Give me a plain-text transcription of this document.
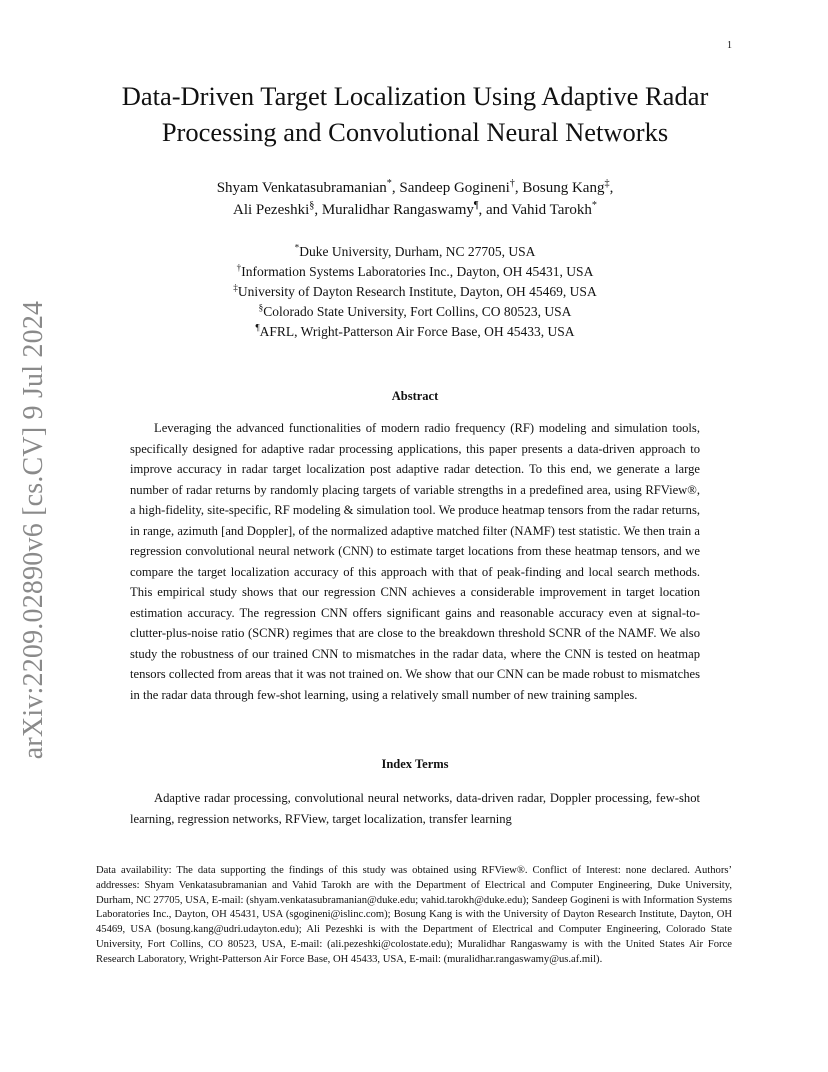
1
arXiv:2209.02890v6 [cs.CV] 9 Jul 2024
Data-Driven Target Localization Using Adaptive Radar Processing and Convolutional Neural Networks
Shyam Venkatasubramanian*, Sandeep Gogineni†, Bosung Kang‡,
Ali Pezeshki§, Muralidhar Rangaswamy¶, and Vahid Tarokh*
*Duke University, Durham, NC 27705, USA
†Information Systems Laboratories Inc., Dayton, OH 45431, USA
‡University of Dayton Research Institute, Dayton, OH 45469, USA
§Colorado State University, Fort Collins, CO 80523, USA
¶AFRL, Wright-Patterson Air Force Base, OH 45433, USA
Abstract

Leveraging the advanced functionalities of modern radio frequency (RF) modeling and simulation tools, specifically designed for adaptive radar processing applications, this paper presents a data-driven approach to improve accuracy in radar target localization post adaptive radar detection. To this end, we generate a large number of radar returns by randomly placing targets of variable strengths in a predefined area, using RFView®, a high-fidelity, site-specific, RF modeling & simulation tool. We produce heatmap tensors from the radar returns, in range, azimuth [and Doppler], of the normalized adaptive matched filter (NAMF) test statistic. We then train a regression convolutional neural network (CNN) to estimate target locations from these heatmap tensors, and we compare the target localization accuracy of this approach with that of peak-finding and local search methods. This empirical study shows that our regression CNN achieves a considerable improvement in target location estimation accuracy. The regression CNN offers significant gains and reasonable accuracy even at signal-to-clutter-plus-noise ratio (SCNR) regimes that are close to the breakdown threshold SCNR of the NAMF. We also study the robustness of our trained CNN to mismatches in the radar data, where the CNN is tested on heatmap tensors collected from areas that it was not trained on. We show that our CNN can be made robust to mismatches in the radar data through few-shot learning, using a relatively small number of new training samples.

Index Terms

Adaptive radar processing, convolutional neural networks, data-driven radar, Doppler processing, few-shot learning, regression networks, RFView, target localization, transfer learning

Data availability: The data supporting the findings of this study was obtained using RFView®. Conflict of Interest: none declared. Authors’ addresses: Shyam Venkatasubramanian and Vahid Tarokh are with the Department of Electrical and Computer Engineering, Duke University, Durham, NC 27705, USA, E-mail: (shyam.venkatasubramanian@duke.edu; vahid.tarokh@duke.edu); Sandeep Gogineni is with Information Systems Laboratories Inc., Dayton, OH 45431, USA (sgogineni@islinc.com); Bosung Kang is with the University of Dayton Research Institute, Dayton, OH 45469, USA (bosung.kang@udri.udayton.edu); Ali Pezeshki is with the Department of Electrical and Computer Engineering, Colorado State University, Fort Collins, CO 80523, USA, E-mail: (ali.pezeshki@colostate.edu); Muralidhar Rangaswamy is with the United States Air Force Research Laboratory, Wright-Patterson Air Force Base, OH 45433, USA, E-mail: (muralidhar.rangaswamy@us.af.mil).
